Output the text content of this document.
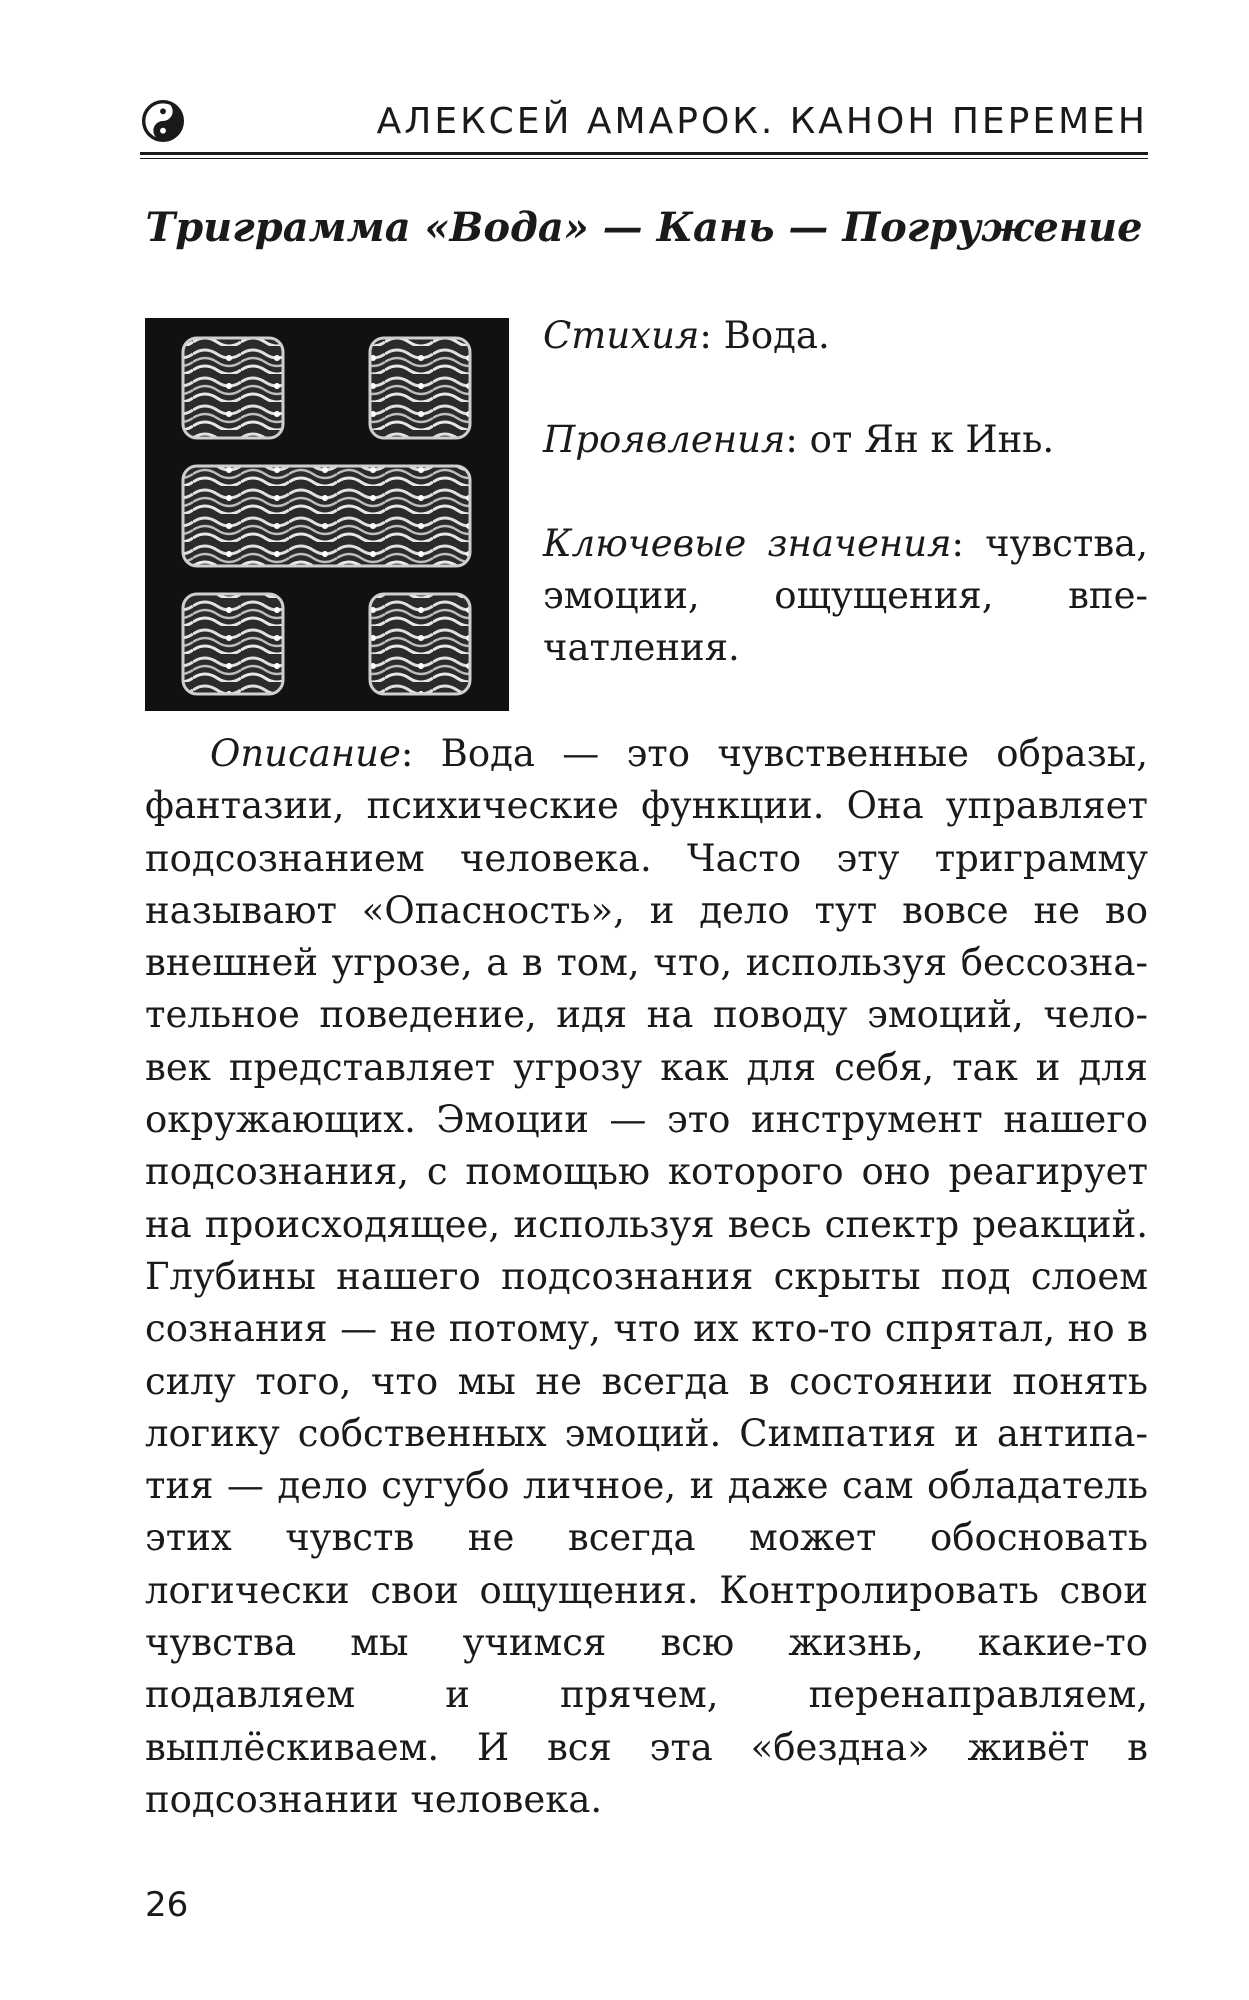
АЛЕКСЕЙ АМАРОК. КАНОН ПЕРЕМЕН
Триграмма «Вода» — Кань — Погружение

Стихия: Вода.

Проявления: от Ян к Инь.

Ключевые значения: чувства, эмоции, ощущения, впечатления.

Описание: Вода — это чувственные образы, фантазии, психические функции. Она управляет подсознанием человека. Часто эту триграмму называют «Опасность», и дело тут вовсе не во внешней угрозе, а в том, что, используя бессознательное поведение, идя на поводу эмоций, человек представляет угрозу как для себя, так и для окружающих. Эмоции — это инструмент нашего подсознания, с помощью которого оно реагирует на происходящее, используя весь спектр реакций. Глубины нашего подсознания скрыты под слоем сознания — не потому, что их кто-то спрятал, но в силу того, что мы не всегда в состоянии понять логику собственных эмоций. Симпатия и антипатия — дело сугубо личное, и даже сам обладатель этих чувств не всегда может обосновать логически свои ощущения. Контролировать свои чувства мы учимся всю жизнь, какие-то подавляем и прячем, перенаправляем, выплёскиваем. И вся эта «бездна» живёт в подсознании человека.

26
